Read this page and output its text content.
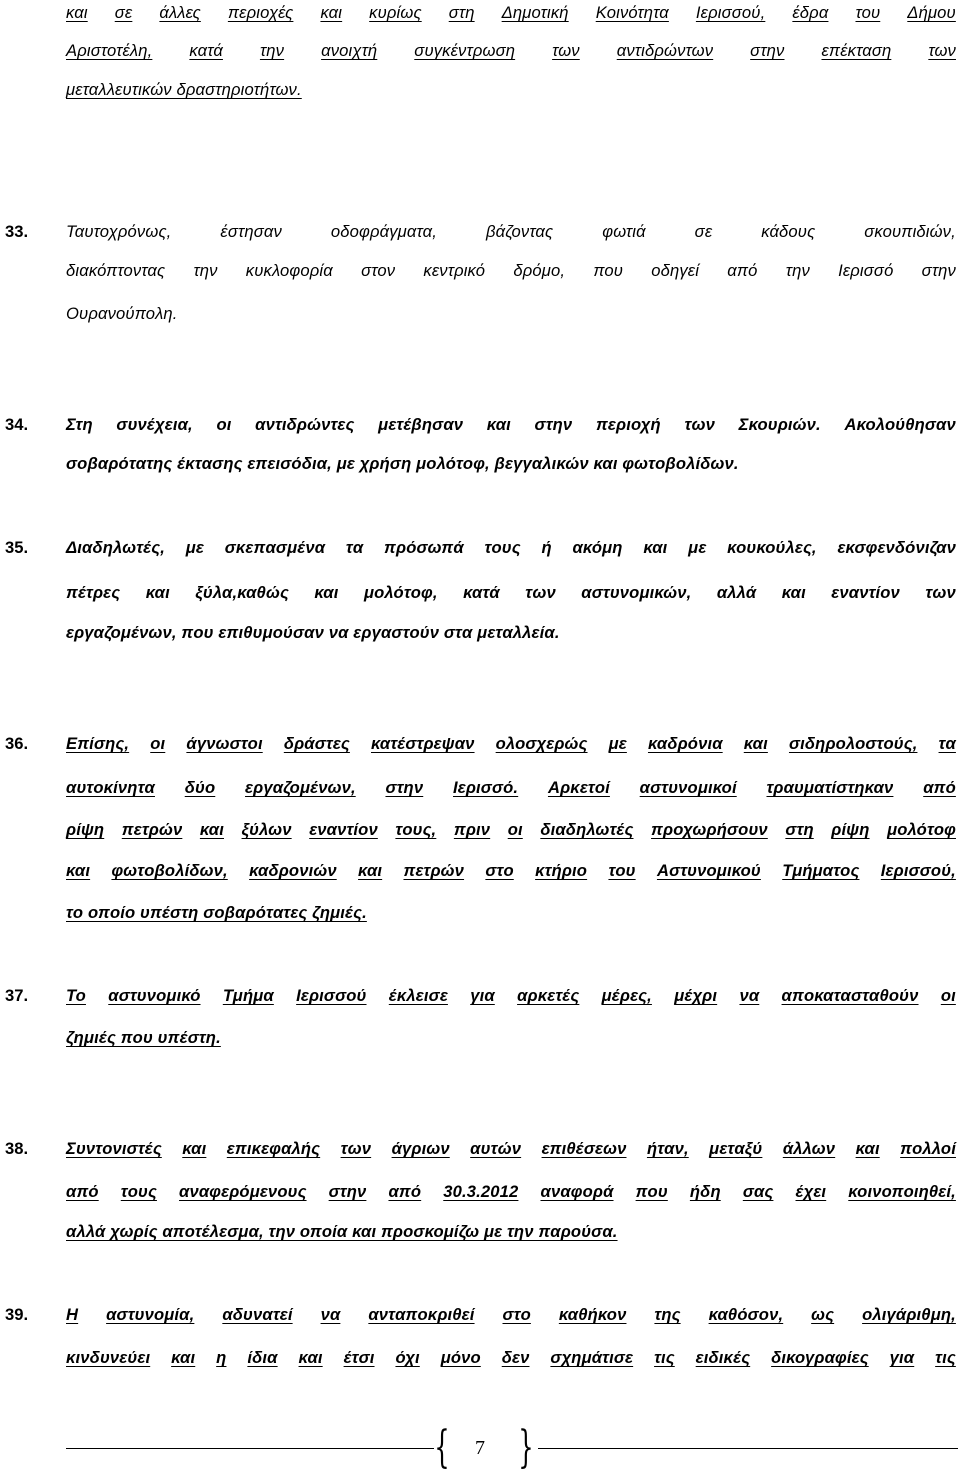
και σε άλλες περιοχές και κυρίως στη Δημοτική Κοινότητα Ιερισσού, έδρα του Δήμου
Αριστοτέλη, κατά την ανοιχτή συγκέντρωση των αντιδρώντων στην επέκταση των
μεταλλευτικών δραστηριοτήτων.
33.	Ταυτοχρόνως,	έστησαν	οδοφράγματα,	βάζοντας	φωτιά	σε	κάδους	σκουπιδιών,
διακόπτοντας την κυκλοφορία στον κεντρικό δρόμο, που οδηγεί από την Ιερισσό στην
Ουρανούπολη.
34.	Στη συνέχεια, οι αντιδρώντες μετέβησαν και στην περιοχή των Σκουριών. Ακολούθησαν
σοβαρότατης έκτασης επεισόδια, με χρήση μολότοφ, βεγγαλικών και φωτοβολίδων.
35.	Διαδηλωτές, με σκεπασμένα τα πρόσωπά τους ή ακόμη και με κουκούλες, εκσφενδόνιζαν
πέτρες και ξύλα,καθώς και μολότοφ, κατά των αστυνομικών, αλλά και εναντίον των
εργαζομένων, που επιθυμούσαν να εργαστούν στα μεταλλεία.
36.	Επίσης, οι άγνωστοι δράστες κατέστρεψαν ολοσχερώς με καδρόνια και σιδηρολοστούς, τα
αυτοκίνητα δύο εργαζομένων, στην Ιερισσό. Αρκετοί αστυνομικοί τραυματίστηκαν από
ρίψη πετρών και ξύλων εναντίον τους, πριν οι διαδηλωτές προχωρήσουν στη ρίψη μολότοφ
και φωτοβολίδων, καδρονιών και πετρών στο κτήριο του Αστυνομικού Τμήματος Ιερισσού,
το οποίο υπέστη σοβαρότατες ζημιές.
37.	Το αστυνομικό Τμήμα Ιερισσού έκλεισε για αρκετές μέρες, μέχρι να αποκατασταθούν οι
ζημιές που υπέστη.
38.	Συντονιστές και επικεφαλής των άγριων αυτών επιθέσεων ήταν, μεταξύ άλλων και πολλοί
από τους αναφερόμενους στην από 30.3.2012 αναφορά που ήδη σας έχει κοινοποιηθεί,
αλλά χωρίς αποτέλεσμα, την οποία και προσκομίζω με την παρούσα.
39.	Η αστυνομία, αδυνατεί να ανταποκριθεί στο καθήκον της καθόσον, ως ολιγάριθμη,
κινδυνεύει και η ίδια και έτσι όχι μόνο δεν σχημάτισε τις ειδικές δικογραφίες για τις
{	7 }
